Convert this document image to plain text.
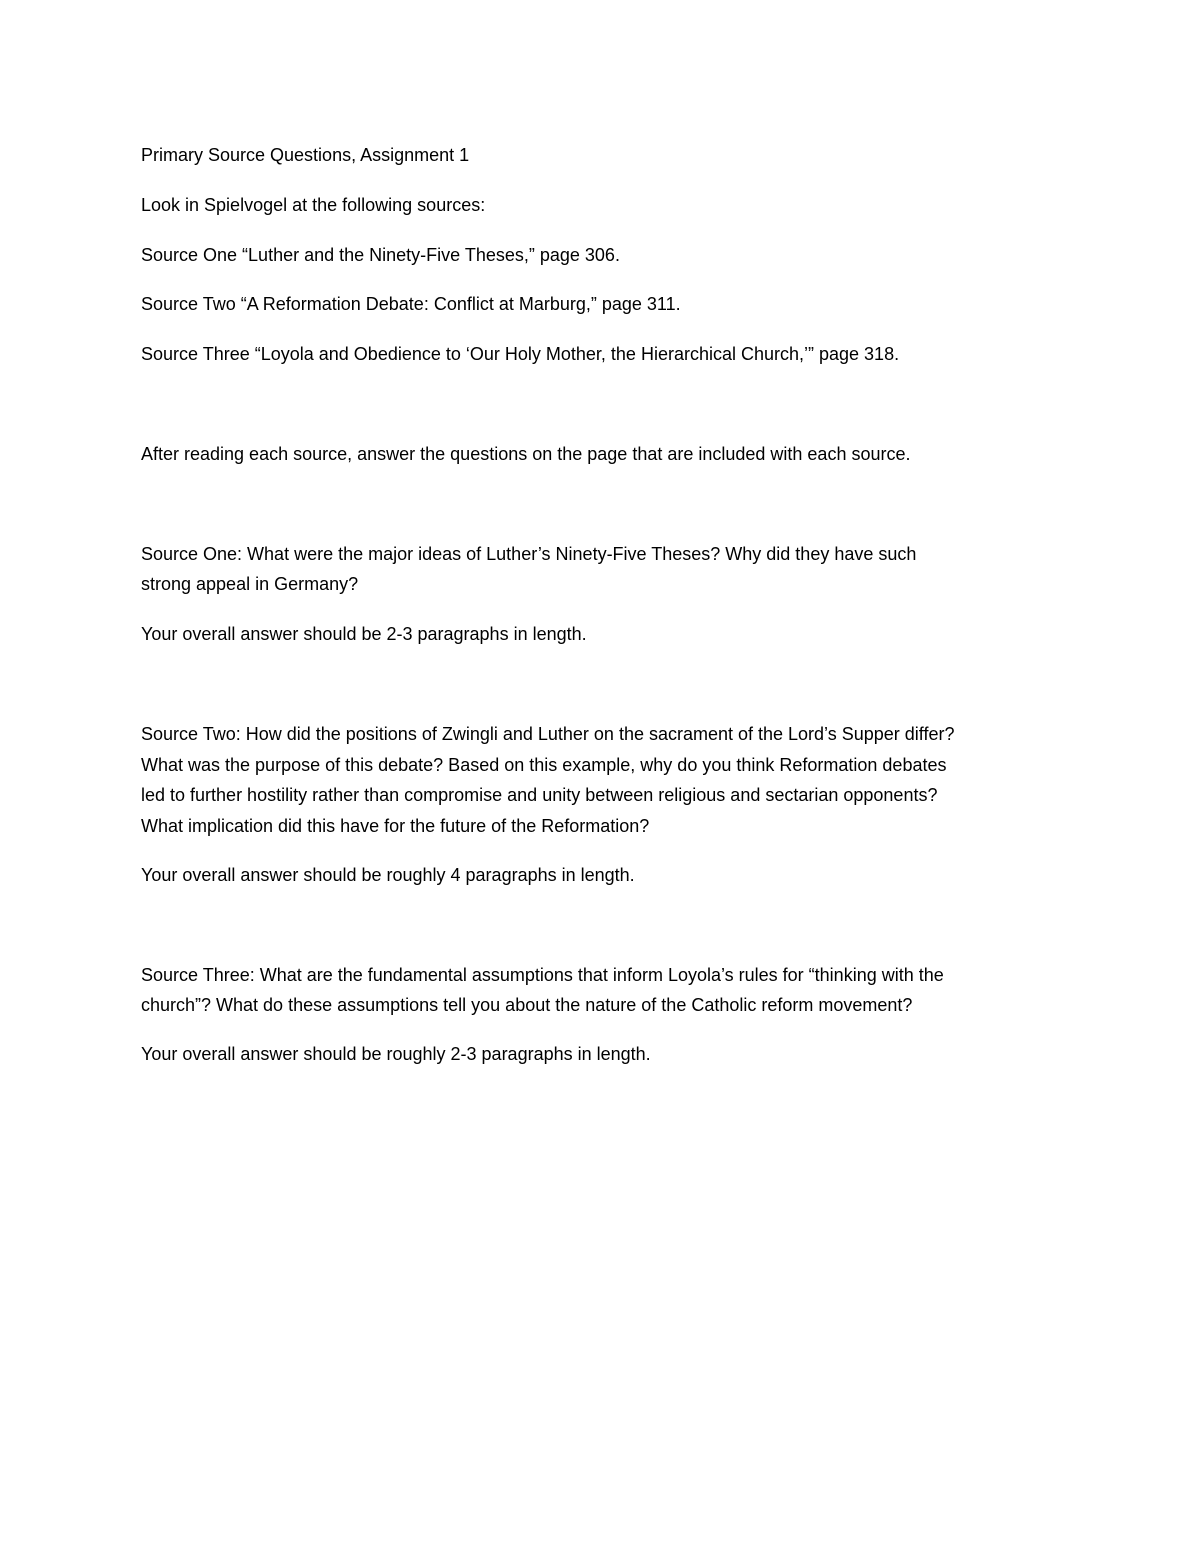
Primary Source Questions, Assignment 1

Look in Spielvogel at the following sources:

Source One “Luther and the Ninety-Five Theses,” page 306.

Source Two “A Reformation Debate: Conflict at Marburg,” page 311.

Source Three “Loyola and Obedience to ‘Our Holy Mother, the Hierarchical Church,’” page 318.

After reading each source, answer the questions on the page that are included with each source.

Source One: What were the major ideas of Luther’s Ninety-Five Theses? Why did they have such

strong appeal in Germany?

Your overall answer should be 2-3 paragraphs in length.

Source Two: How did the positions of Zwingli and Luther on the sacrament of the Lord’s Supper differ?

What was the purpose of this debate? Based on this example, why do you think Reformation debates

led to further hostility rather than compromise and unity between religious and sectarian opponents?

What implication did this have for the future of the Reformation?

Your overall answer should be roughly 4 paragraphs in length.

Source Three: What are the fundamental assumptions that inform Loyola’s rules for “thinking with the

church”? What do these assumptions tell you about the nature of the Catholic reform movement?

Your overall answer should be roughly 2-3 paragraphs in length.
